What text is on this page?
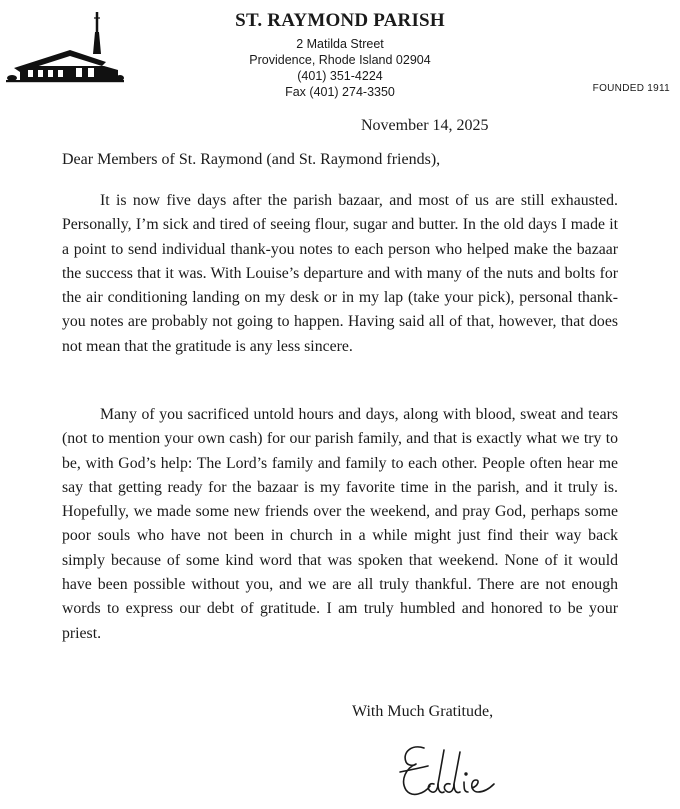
ST. RAYMOND PARISH
2 Matilda Street
Providence, Rhode Island 02904
(401) 351-4224
Fax (401) 274-3350	FOUNDED 1911
November 14, 2025
Dear Members of St. Raymond (and St. Raymond friends),

It is now five days after the parish bazaar, and most of us are still exhausted. Personally, I’m sick and tired of seeing flour, sugar and butter. In the old days I made it a point to send individual thank-you notes to each person who helped make the bazaar the success that it was. With Louise’s departure and with many of the nuts and bolts for the air conditioning landing on my desk or in my lap (take your pick), personal thank-you notes are probably not going to happen. Having said all of that, however, that does not mean that the gratitude is any less sincere.

Many of you sacrificed untold hours and days, along with blood, sweat and tears (not to mention your own cash) for our parish family, and that is exactly what we try to be, with God’s help: The Lord’s family and family to each other. People often hear me say that getting ready for the bazaar is my favorite time in the parish, and it truly is. Hopefully, we made some new friends over the weekend, and pray God, perhaps some poor souls who have not been in church in a while might just find their way back simply because of some kind word that was spoken that weekend. None of it would have been possible without you, and we are all truly thankful. There are not enough words to express our debt of gratitude. I am truly humbled and honored to be your priest.

With Much Gratitude,
